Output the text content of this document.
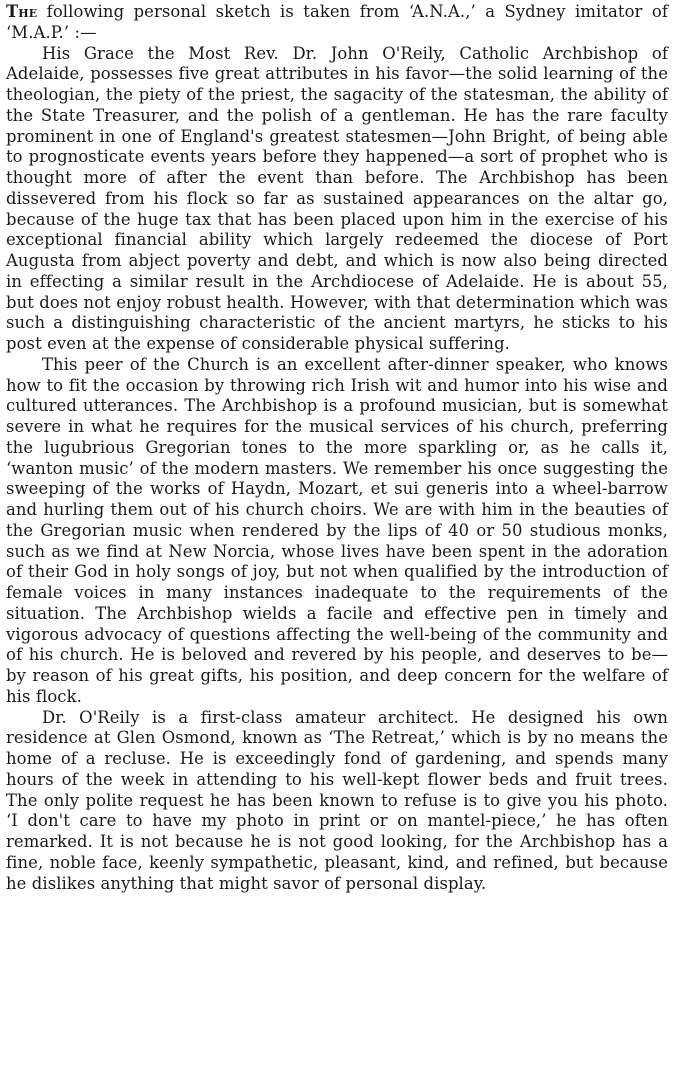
The following personal sketch is taken from ‘A.N.A.,’ a Sydney imitator of ‘M.A.P.’ :—

His Grace the Most Rev. Dr. John O'Reily, Catholic Archbishop of Adelaide, possesses five great attributes in his favor—the solid learning of the theologian, the piety of the priest, the sagacity of the statesman, the ability of the State Treasurer, and the polish of a gentleman. He has the rare faculty prominent in one of England's greatest statesmen—John Bright, of being able to prognosticate events years before they happened—a sort of prophet who is thought more of after the event than before. The Archbishop has been dissevered from his flock so far as sustained appearances on the altar go, because of the huge tax that has been placed upon him in the exercise of his exceptional financial ability which largely redeemed the diocese of Port Augusta from abject poverty and debt, and which is now also being directed in effecting a similar result in the Archdiocese of Adelaide. He is about 55, but does not enjoy robust health. However, with that determination which was such a distinguishing characteristic of the ancient martyrs, he sticks to his post even at the expense of considerable physical suffering.

This peer of the Church is an excellent after-dinner speaker, who knows how to fit the occasion by throwing rich Irish wit and humor into his wise and cultured utterances. The Archbishop is a profound musician, but is somewhat severe in what he requires for the musical services of his church, preferring the lugubrious Gregorian tones to the more sparkling or, as he calls it, ‘wanton music’ of the modern masters. We remember his once suggesting the sweeping of the works of Haydn, Mozart, et sui generis into a wheel-barrow and hurling them out of his church choirs. We are with him in the beauties of the Gregorian music when rendered by the lips of 40 or 50 studious monks, such as we find at New Norcia, whose lives have been spent in the adoration of their God in holy songs of joy, but not when qualified by the introduction of female voices in many instances inadequate to the requirements of the situation. The Archbishop wields a facile and effective pen in timely and vigorous advocacy of questions affecting the well-being of the community and of his church. He is beloved and revered by his people, and deserves to be—by reason of his great gifts, his position, and deep concern for the welfare of his flock.

Dr. O'Reily is a first-class amateur architect. He designed his own residence at Glen Osmond, known as ‘The Retreat,’ which is by no means the home of a recluse. He is exceedingly fond of gardening, and spends many hours of the week in attending to his well-kept flower beds and fruit trees. The only polite request he has been known to refuse is to give you his photo. ‘I don't care to have my photo in print or on mantel-piece,’ he has often remarked. It is not because he is not good looking, for the Archbishop has a fine, noble face, keenly sympathetic, pleasant, kind, and refined, but because he dislikes anything that might savor of personal display.
